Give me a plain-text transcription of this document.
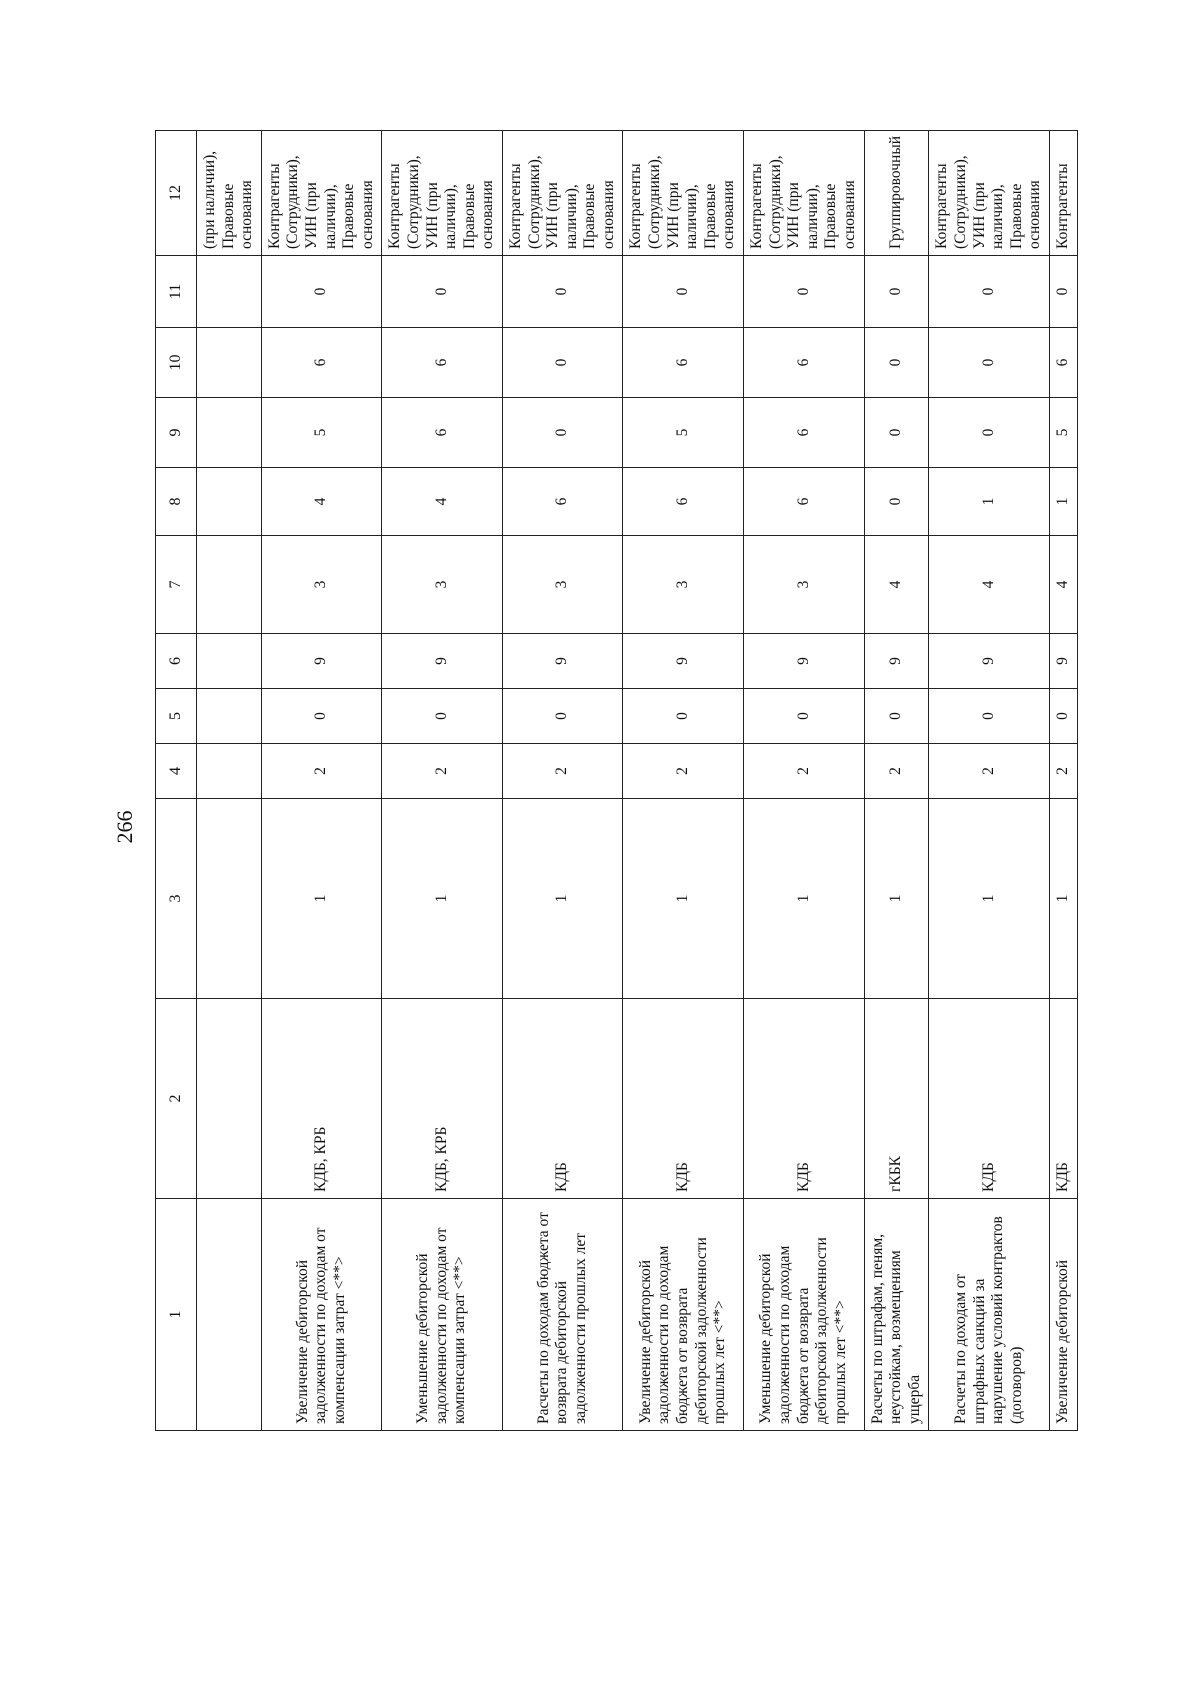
266
1	2	3	4	5	6	7	8	9	10	11	12
											(при наличии), Правовые основания
Увеличение дебиторской задолженности по доходам от компенсации затрат <**>	КДБ, КРБ	1	2	0	9	3	4	5	6	0	Контрагенты (Сотрудники), УИН (при наличии), Правовые основания
Уменьшение дебиторской задолженности по доходам от компенсации затрат <**>	КДБ, КРБ	1	2	0	9	3	4	6	6	0	Контрагенты (Сотрудники), УИН (при наличии), Правовые основания
Расчеты по доходам бюджета от возврата дебиторской задолженности прошлых лет	КДБ	1	2	0	9	3	6	0	0	0	Контрагенты (Сотрудники), УИН (при наличии), Правовые основания
Увеличение дебиторской задолженности по доходам бюджета от возврата дебиторской задолженности прошлых лет <**>	КДБ	1	2	0	9	3	6	5	6	0	Контрагенты (Сотрудники), УИН (при наличии), Правовые основания
Уменьшение дебиторской задолженности по доходам бюджета от возврата дебиторской задолженности прошлых лет <**>	КДБ	1	2	0	9	3	6	6	6	0	Контрагенты (Сотрудники), УИН (при наличии), Правовые основания
Расчеты по штрафам, пеням, неустойкам, возмещениям ущерба	гКБК	1	2	0	9	4	0	0	0	0	Группировочный
Расчеты по доходам от штрафных санкций за нарушение условий контрактов (договоров)	КДБ	1	2	0	9	4	1	0	0	0	Контрагенты (Сотрудники), УИН (при наличии), Правовые основания
Увеличение дебиторской	КДБ	1	2	0	9	4	1	5	6	0	Контрагенты
